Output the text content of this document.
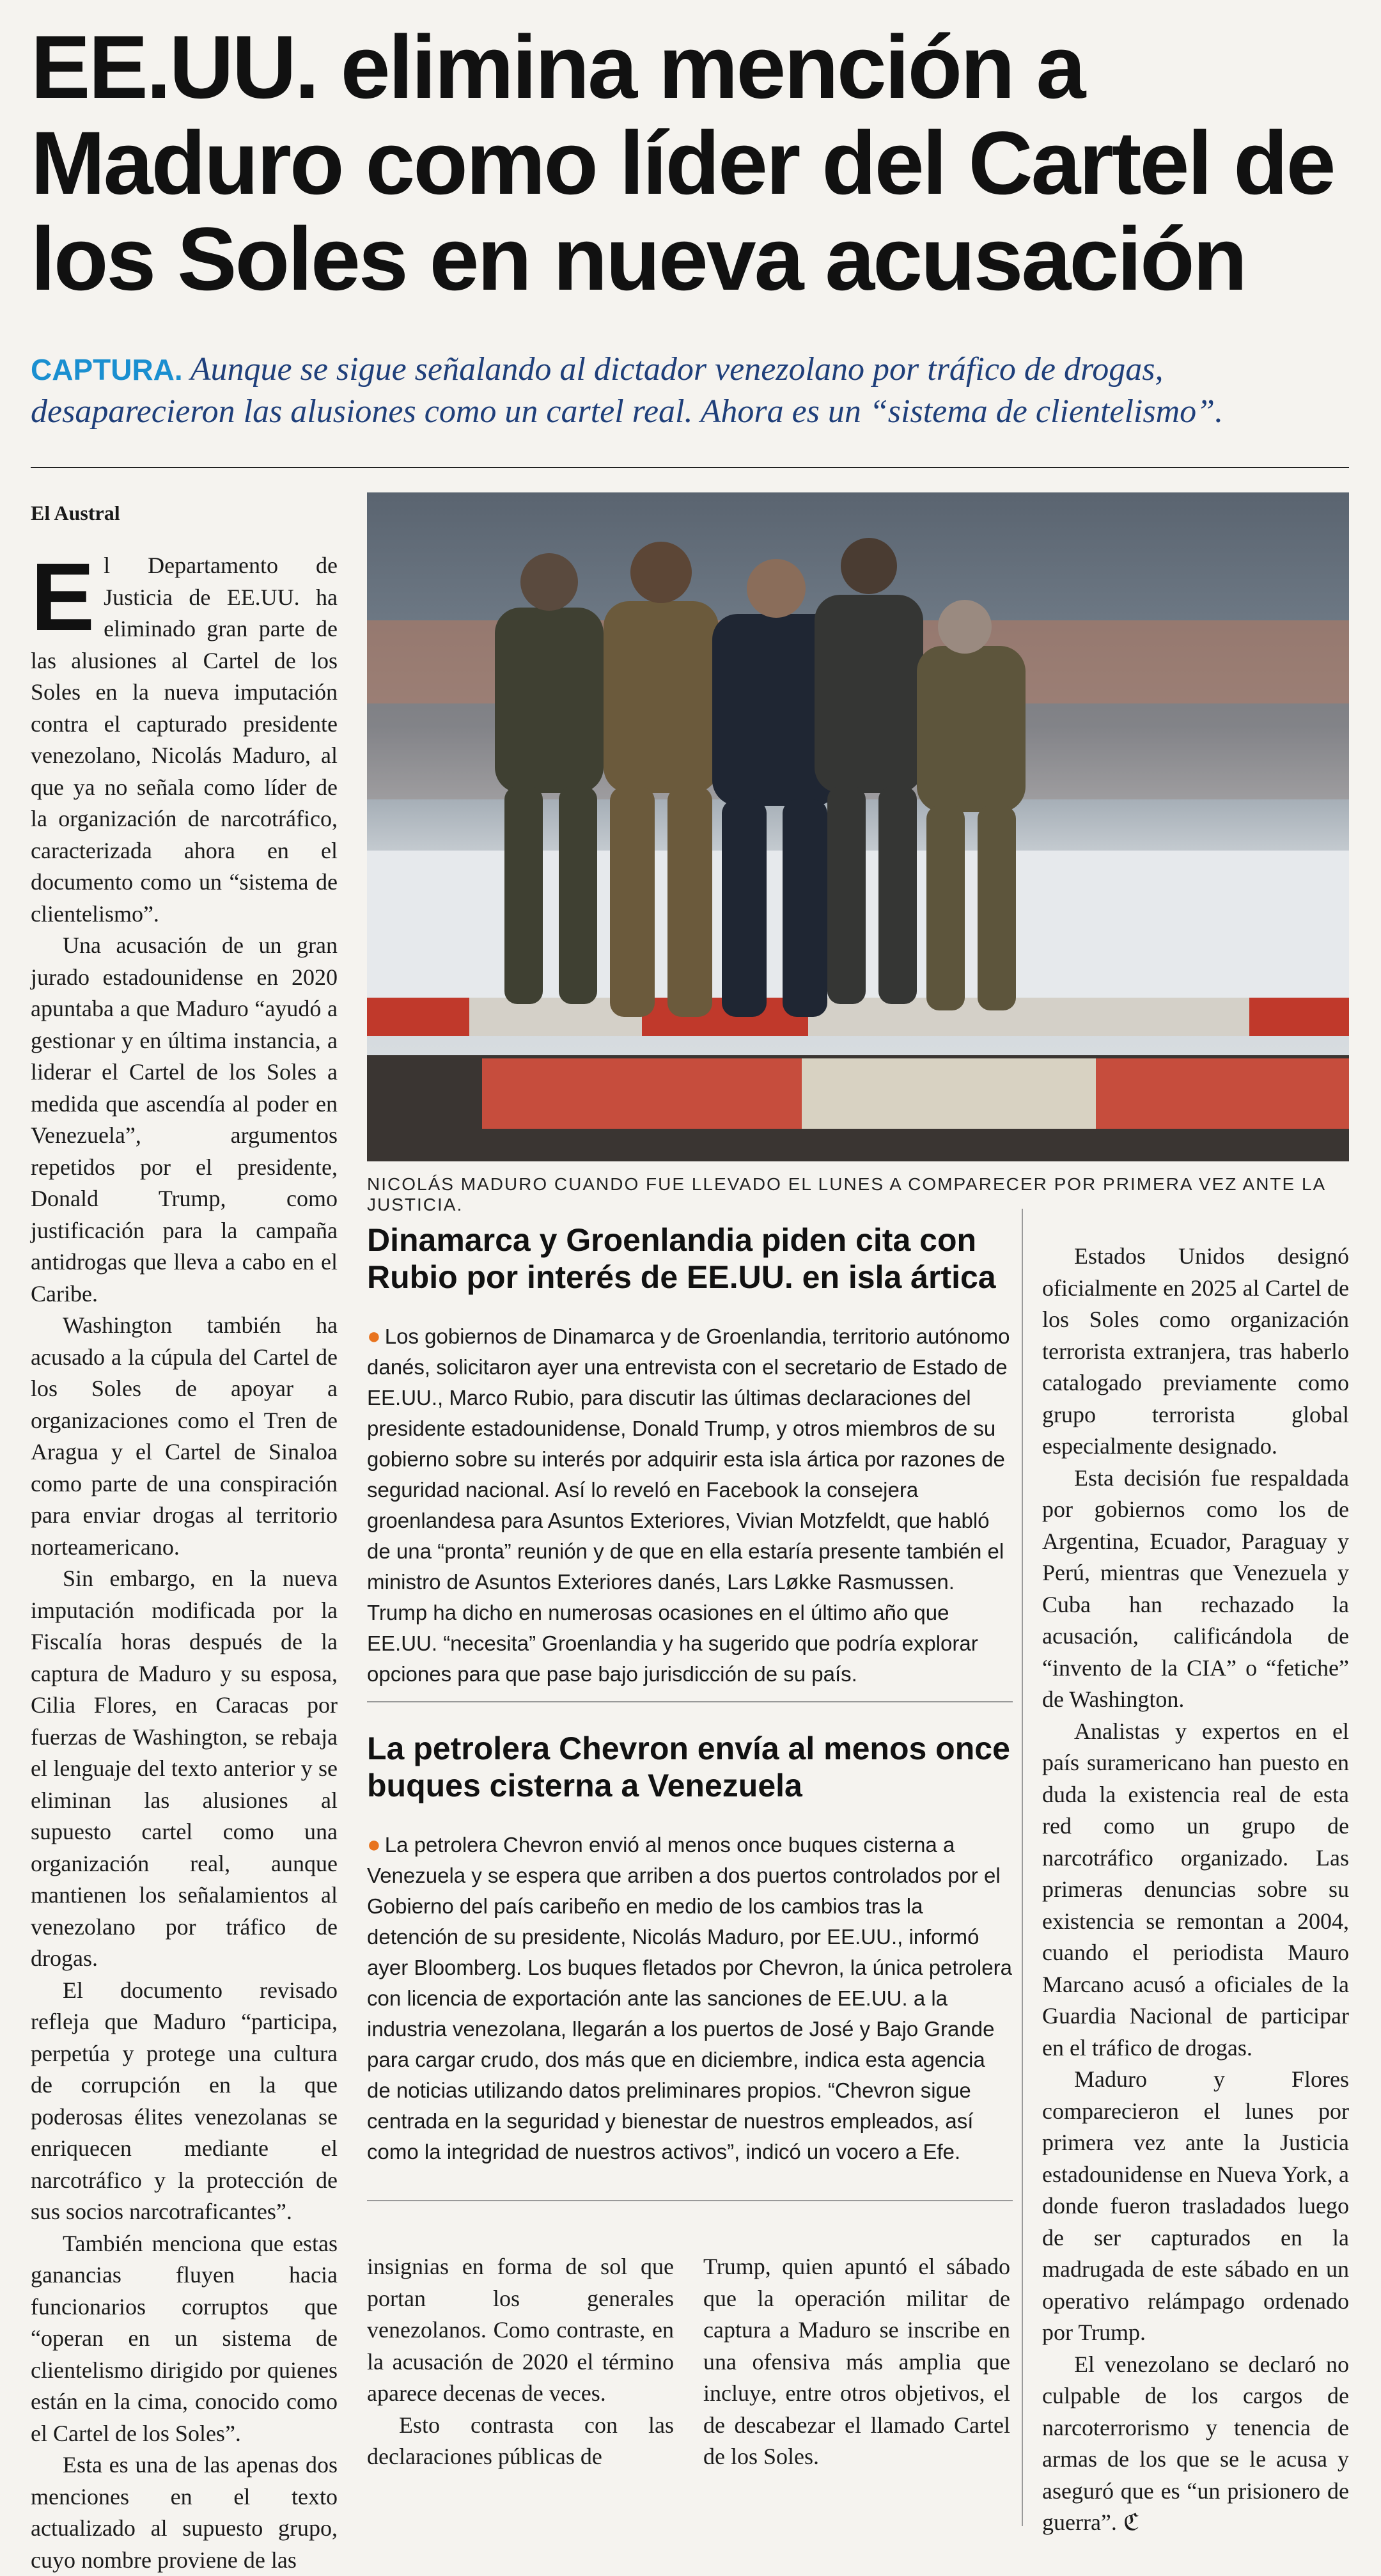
EE.UU. elimina mención a Maduro como líder del Cartel de los Soles en nueva acusación
CAPTURA. Aunque se sigue señalando al dictador venezolano por tráfico de drogas, desaparecieron las alusiones como un cartel real. Ahora es un “sistema de clientelismo”.
El Austral

El Departamento de Justicia de EE.UU. ha eliminado gran parte de las alusiones al Cartel de los Soles en la nueva imputación contra el capturado presidente venezolano, Nicolás Maduro, al que ya no señala como líder de la organización de narcotráfico, caracterizada ahora en el documento como un “sistema de clientelismo”.

Una acusación de un gran jurado estadounidense en 2020 apuntaba a que Maduro “ayudó a gestionar y en última instancia, a liderar el Cartel de los Soles a medida que ascendía al poder en Venezuela”, argumentos repetidos por el presidente, Donald Trump, como justificación para la campaña antidrogas que lleva a cabo en el Caribe.

Washington también ha acusado a la cúpula del Cartel de los Soles de apoyar a organizaciones como el Tren de Aragua y el Cartel de Sinaloa como parte de una conspiración para enviar drogas al territorio norteamericano.

Sin embargo, en la nueva imputación modificada por la Fiscalía horas después de la captura de Maduro y su esposa, Cilia Flores, en Caracas por fuerzas de Washington, se rebaja el lenguaje del texto anterior y se eliminan las alusiones al supuesto cartel como una organización real, aunque mantienen los señalamientos al venezolano por tráfico de drogas.

El documento revisado refleja que Maduro “participa, perpetúa y protege una cultura de corrupción en la que poderosas élites venezolanas se enriquecen mediante el narcotráfico y la protección de sus socios narcotraficantes”.

También menciona que estas ganancias fluyen hacia funcionarios corruptos que “operan en un sistema de clientelismo dirigido por quienes están en la cima, conocido como el Cartel de los Soles”.

Esta es una de las apenas dos menciones en el texto actualizado al supuesto grupo, cuyo nombre proviene de las

NICOLÁS MADURO CUANDO FUE LLEVADO EL LUNES A COMPARECER POR PRIMERA VEZ ANTE LA JUSTICIA.
Dinamarca y Groenlandia piden cita con Rubio por interés de EE.UU. en isla ártica
● Los gobiernos de Dinamarca y de Groenlandia, territorio autónomo danés, solicitaron ayer una entrevista con el secretario de Estado de EE.UU., Marco Rubio, para discutir las últimas declaraciones del presidente estadounidense, Donald Trump, y otros miembros de su gobierno sobre su interés por adquirir esta isla ártica por razones de seguridad nacional. Así lo reveló en Facebook la consejera groenlandesa para Asuntos Exteriores, Vivian Motzfeldt, que habló de una “pronta” reunión y de que en ella estaría presente también el ministro de Asuntos Exteriores danés, Lars Løkke Rasmussen. Trump ha dicho en numerosas ocasiones en el último año que EE.UU. “necesita” Groenlandia y ha sugerido que podría explorar opciones para que pase bajo jurisdicción de su país.
La petrolera Chevron envía al menos once buques cisterna a Venezuela
● La petrolera Chevron envió al menos once buques cisterna a Venezuela y se espera que arriben a dos puertos controlados por el Gobierno del país caribeño en medio de los cambios tras la detención de su presidente, Nicolás Maduro, por EE.UU., informó ayer Bloomberg. Los buques fletados por Chevron, la única petrolera con licencia de exportación ante las sanciones de EE.UU. a la industria venezolana, llegarán a los puertos de José y Bajo Grande para cargar crudo, dos más que en diciembre, indica esta agencia de noticias utilizando datos preliminares propios. “Chevron sigue centrada en la seguridad y bienestar de nuestros empleados, así como la integridad de nuestros activos”, indicó un vocero a Efe.

insignias en forma de sol que portan los generales venezolanos. Como contraste, en la acusación de 2020 el término aparece decenas de veces.

Esto contrasta con las declaraciones públicas de

Trump, quien apuntó el sábado que la operación militar de captura a Maduro se inscribe en una ofensiva más amplia que incluye, entre otros objetivos, el de descabezar el llamado Cartel de los Soles.

Estados Unidos designó oficialmente en 2025 al Cartel de los Soles como organización terrorista extranjera, tras haberlo catalogado previamente como grupo terrorista global especialmente designado.

Esta decisión fue respaldada por gobiernos como los de Argentina, Ecuador, Paraguay y Perú, mientras que Venezuela y Cuba han rechazado la acusación, calificándola de “invento de la CIA” o “fetiche” de Washington.

Analistas y expertos en el país suramericano han puesto en duda la existencia real de esta red como un grupo de narcotráfico organizado. Las primeras denuncias sobre su existencia se remontan a 2004, cuando el periodista Mauro Marcano acusó a oficiales de la Guardia Nacional de participar en el tráfico de drogas.

Maduro y Flores comparecieron el lunes por primera vez ante la Justicia estadounidense en Nueva York, a donde fueron trasladados luego de ser capturados en la madrugada de este sábado en un operativo relámpago ordenado por Trump.

El venezolano se declaró no culpable de los cargos de narcoterrorismo y tenencia de armas de los que se le acusa y aseguró que es “un prisionero de guerra”. ℭ
